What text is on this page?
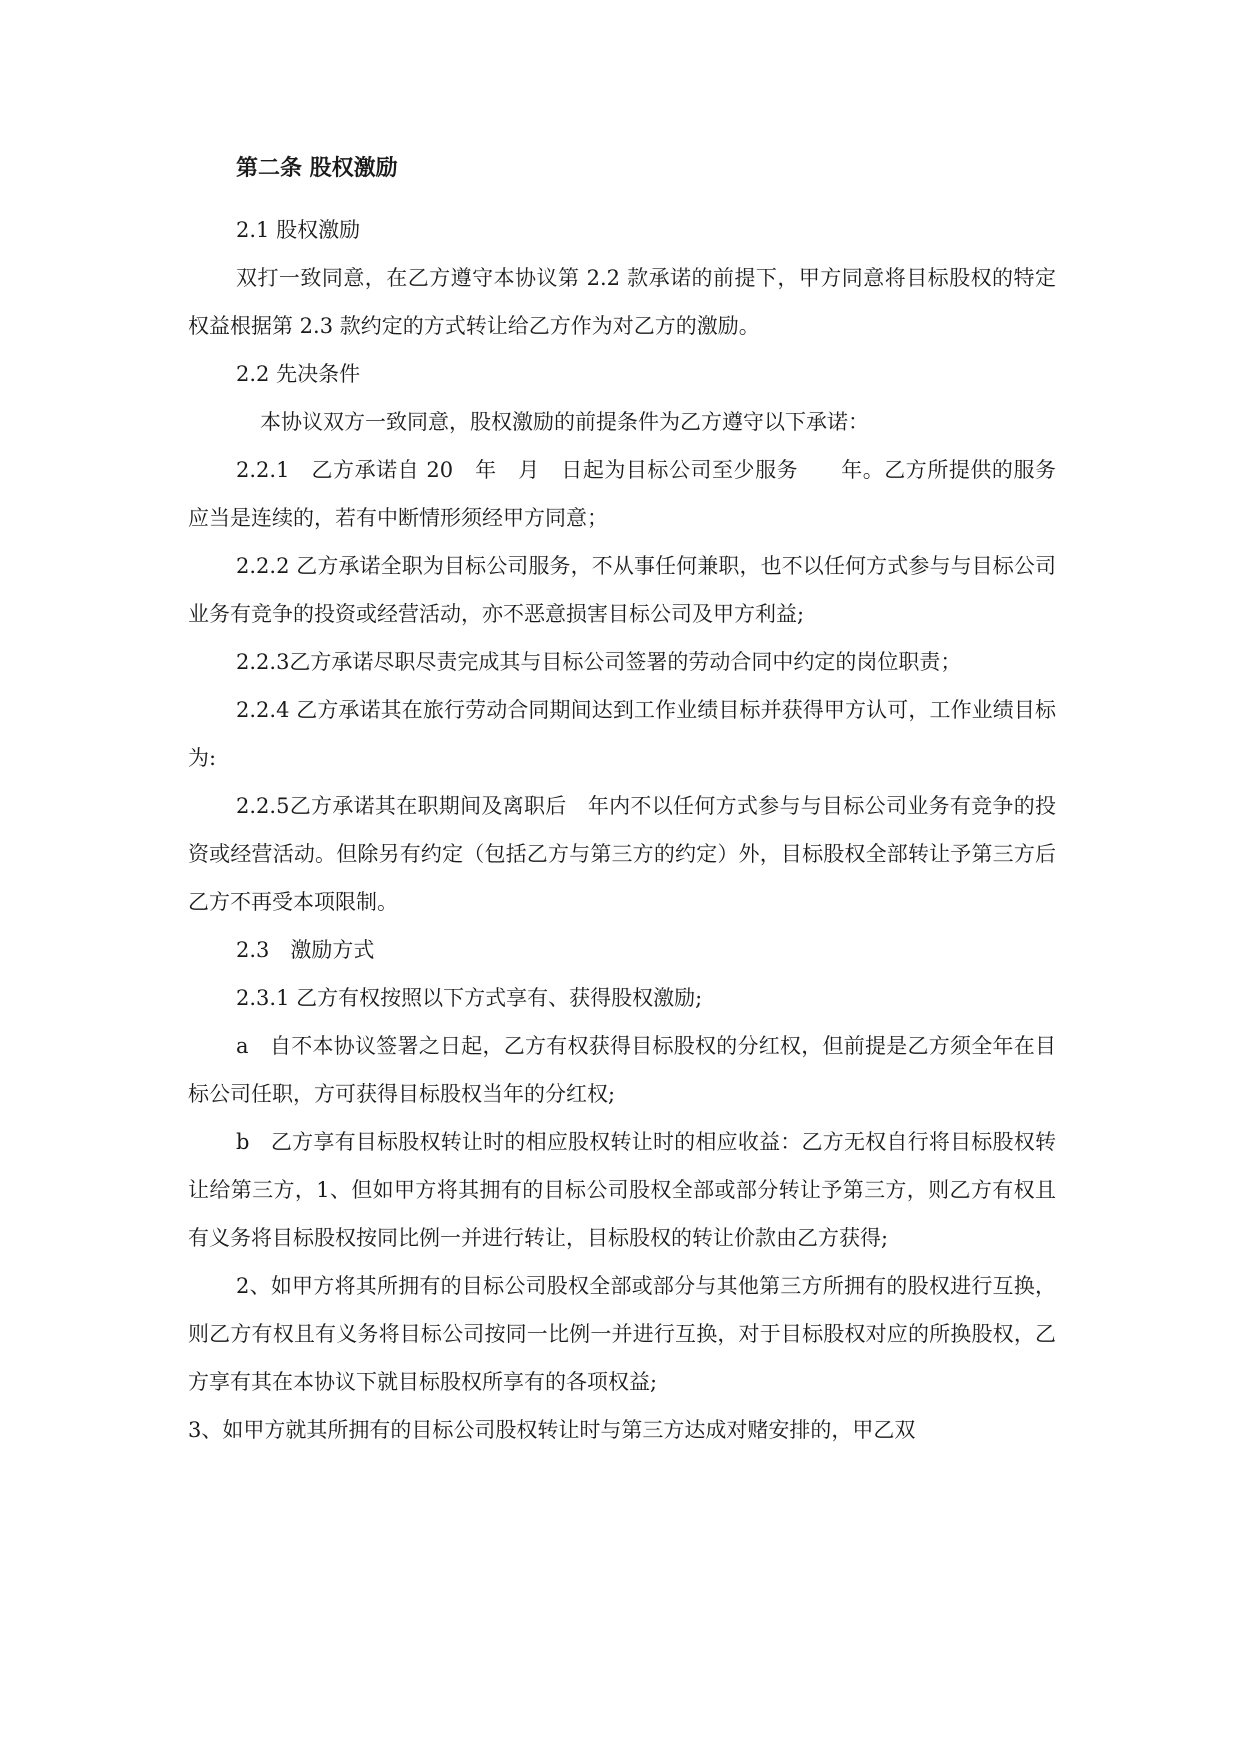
第二条 股权激励

2.1 股权激励

双打一致同意，在乙方遵守本协议第 2.2 款承诺的前提下，甲方同意将目标股权的特定权益根据第 2.3 款约定的方式转让给乙方作为对乙方的激励。

2.2 先决条件

本协议双方一致同意，股权激励的前提条件为乙方遵守以下承诺：

2.2.1　乙方承诺自 20　年　月　日起为目标公司至少服务　　年。乙方所提供的服务应当是连续的，若有中断情形须经甲方同意；

2.2.2 乙方承诺全职为目标公司服务，不从事任何兼职，也不以任何方式参与与目标公司业务有竞争的投资或经营活动，亦不恶意损害目标公司及甲方利益;

2.2.3乙方承诺尽职尽责完成其与目标公司签署的劳动合同中约定的岗位职责；

2.2.4 乙方承诺其在旅行劳动合同期间达到工作业绩目标并获得甲方认可，工作业绩目标为:

2.2.5乙方承诺其在职期间及离职后　年内不以任何方式参与与目标公司业务有竞争的投资或经营活动。但除另有约定（包括乙方与第三方的约定）外，目标股权全部转让予第三方后乙方不再受本项限制。

2.3　激励方式

2.3.1 乙方有权按照以下方式享有、获得股权激励;

a　自不本协议签署之日起，乙方有权获得目标股权的分红权，但前提是乙方须全年在目标公司任职，方可获得目标股权当年的分红权;

b　乙方享有目标股权转让时的相应股权转让时的相应收益：乙方无权自行将目标股权转让给第三方，1、但如甲方将其拥有的目标公司股权全部或部分转让予第三方，则乙方有权且有义务将目标股权按同比例一并进行转让，目标股权的转让价款由乙方获得;

2、如甲方将其所拥有的目标公司股权全部或部分与其他第三方所拥有的股权进行互换，则乙方有权且有义务将目标公司按同一比例一并进行互换，对于目标股权对应的所换股权，乙方享有其在本协议下就目标股权所享有的各项权益;

3、如甲方就其所拥有的目标公司股权转让时与第三方达成对赌安排的，甲乙双
